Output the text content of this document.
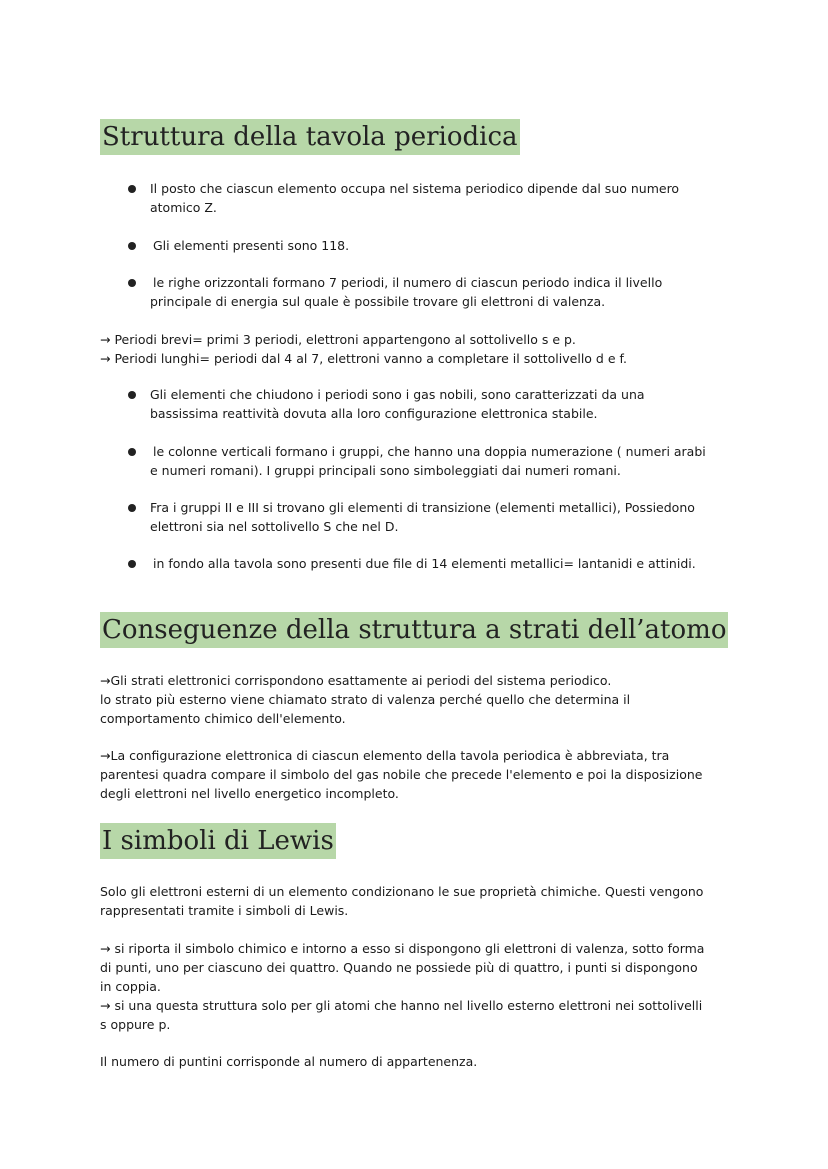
Struttura della tavola periodica

Il posto che ciascun elemento occupa nel sistema periodico dipende dal suo numero

atomico Z.

Gli elementi presenti sono 118.

le righe orizzontali formano 7 periodi, il numero di ciascun periodo indica il livello

principale di energia sul quale è possibile trovare gli elettroni di valenza.

→ Periodi brevi= primi 3 periodi, elettroni appartengono al sottolivello s e p.

→ Periodi lunghi= periodi dal 4 al 7, elettroni vanno a completare il sottolivello d e f.

Gli elementi che chiudono i periodi sono i gas nobili, sono caratterizzati da una

bassissima reattività dovuta alla loro configurazione elettronica stabile.

le colonne verticali formano i gruppi, che hanno una doppia numerazione ( numeri arabi

e numeri romani). I gruppi principali sono simboleggiati dai numeri romani.

Fra i gruppi II e III si trovano gli elementi di transizione (elementi metallici), Possiedono

elettroni sia nel sottolivello S che nel D.

in fondo alla tavola sono presenti due file di 14 elementi metallici= lantanidi e attinidi.

Conseguenze della struttura a strati dell’atomo

→Gli strati elettronici corrispondono esattamente ai periodi del sistema periodico.

lo strato più esterno viene chiamato strato di valenza perché quello che determina il

comportamento chimico dell'elemento.

→La configurazione elettronica di ciascun elemento della tavola periodica è abbreviata, tra

parentesi quadra compare il simbolo del gas nobile che precede l'elemento e poi la disposizione

degli elettroni nel livello energetico incompleto.

I simboli di Lewis

Solo gli elettroni esterni di un elemento condizionano le sue proprietà chimiche. Questi vengono

rappresentati tramite i simboli di Lewis.

→ si riporta il simbolo chimico e intorno a esso si dispongono gli elettroni di valenza, sotto forma

di punti, uno per ciascuno dei quattro. Quando ne possiede più di quattro, i punti si dispongono

in coppia.

→ si una questa struttura solo per gli atomi che hanno nel livello esterno elettroni nei sottolivelli

s oppure p.

Il numero di puntini corrisponde al numero di appartenenza.
